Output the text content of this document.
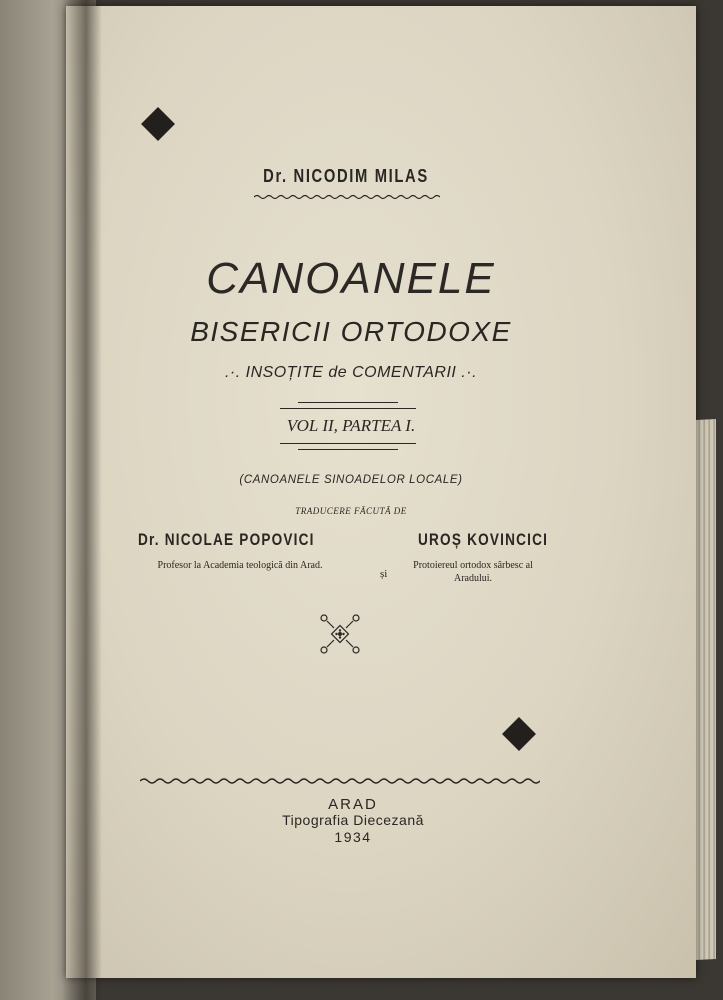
Dr. NICODIM MILAS
CANOANELE
BISERICII ORTODOXE
.·. INSOȚITE de COMENTARII .·.
VOL II, PARTEA I.
(CANOANELE SINOADELOR LOCALE)
TRADUCERE FĂCUTĂ DE
Dr. NICOLAE POPOVICI
Profesor la Academia teologică din Arad.
și
UROȘ KOVINCICI
Protoiereul ortodox sârbesc al Aradului.
ARAD
Tipografia Diecezană
1934
